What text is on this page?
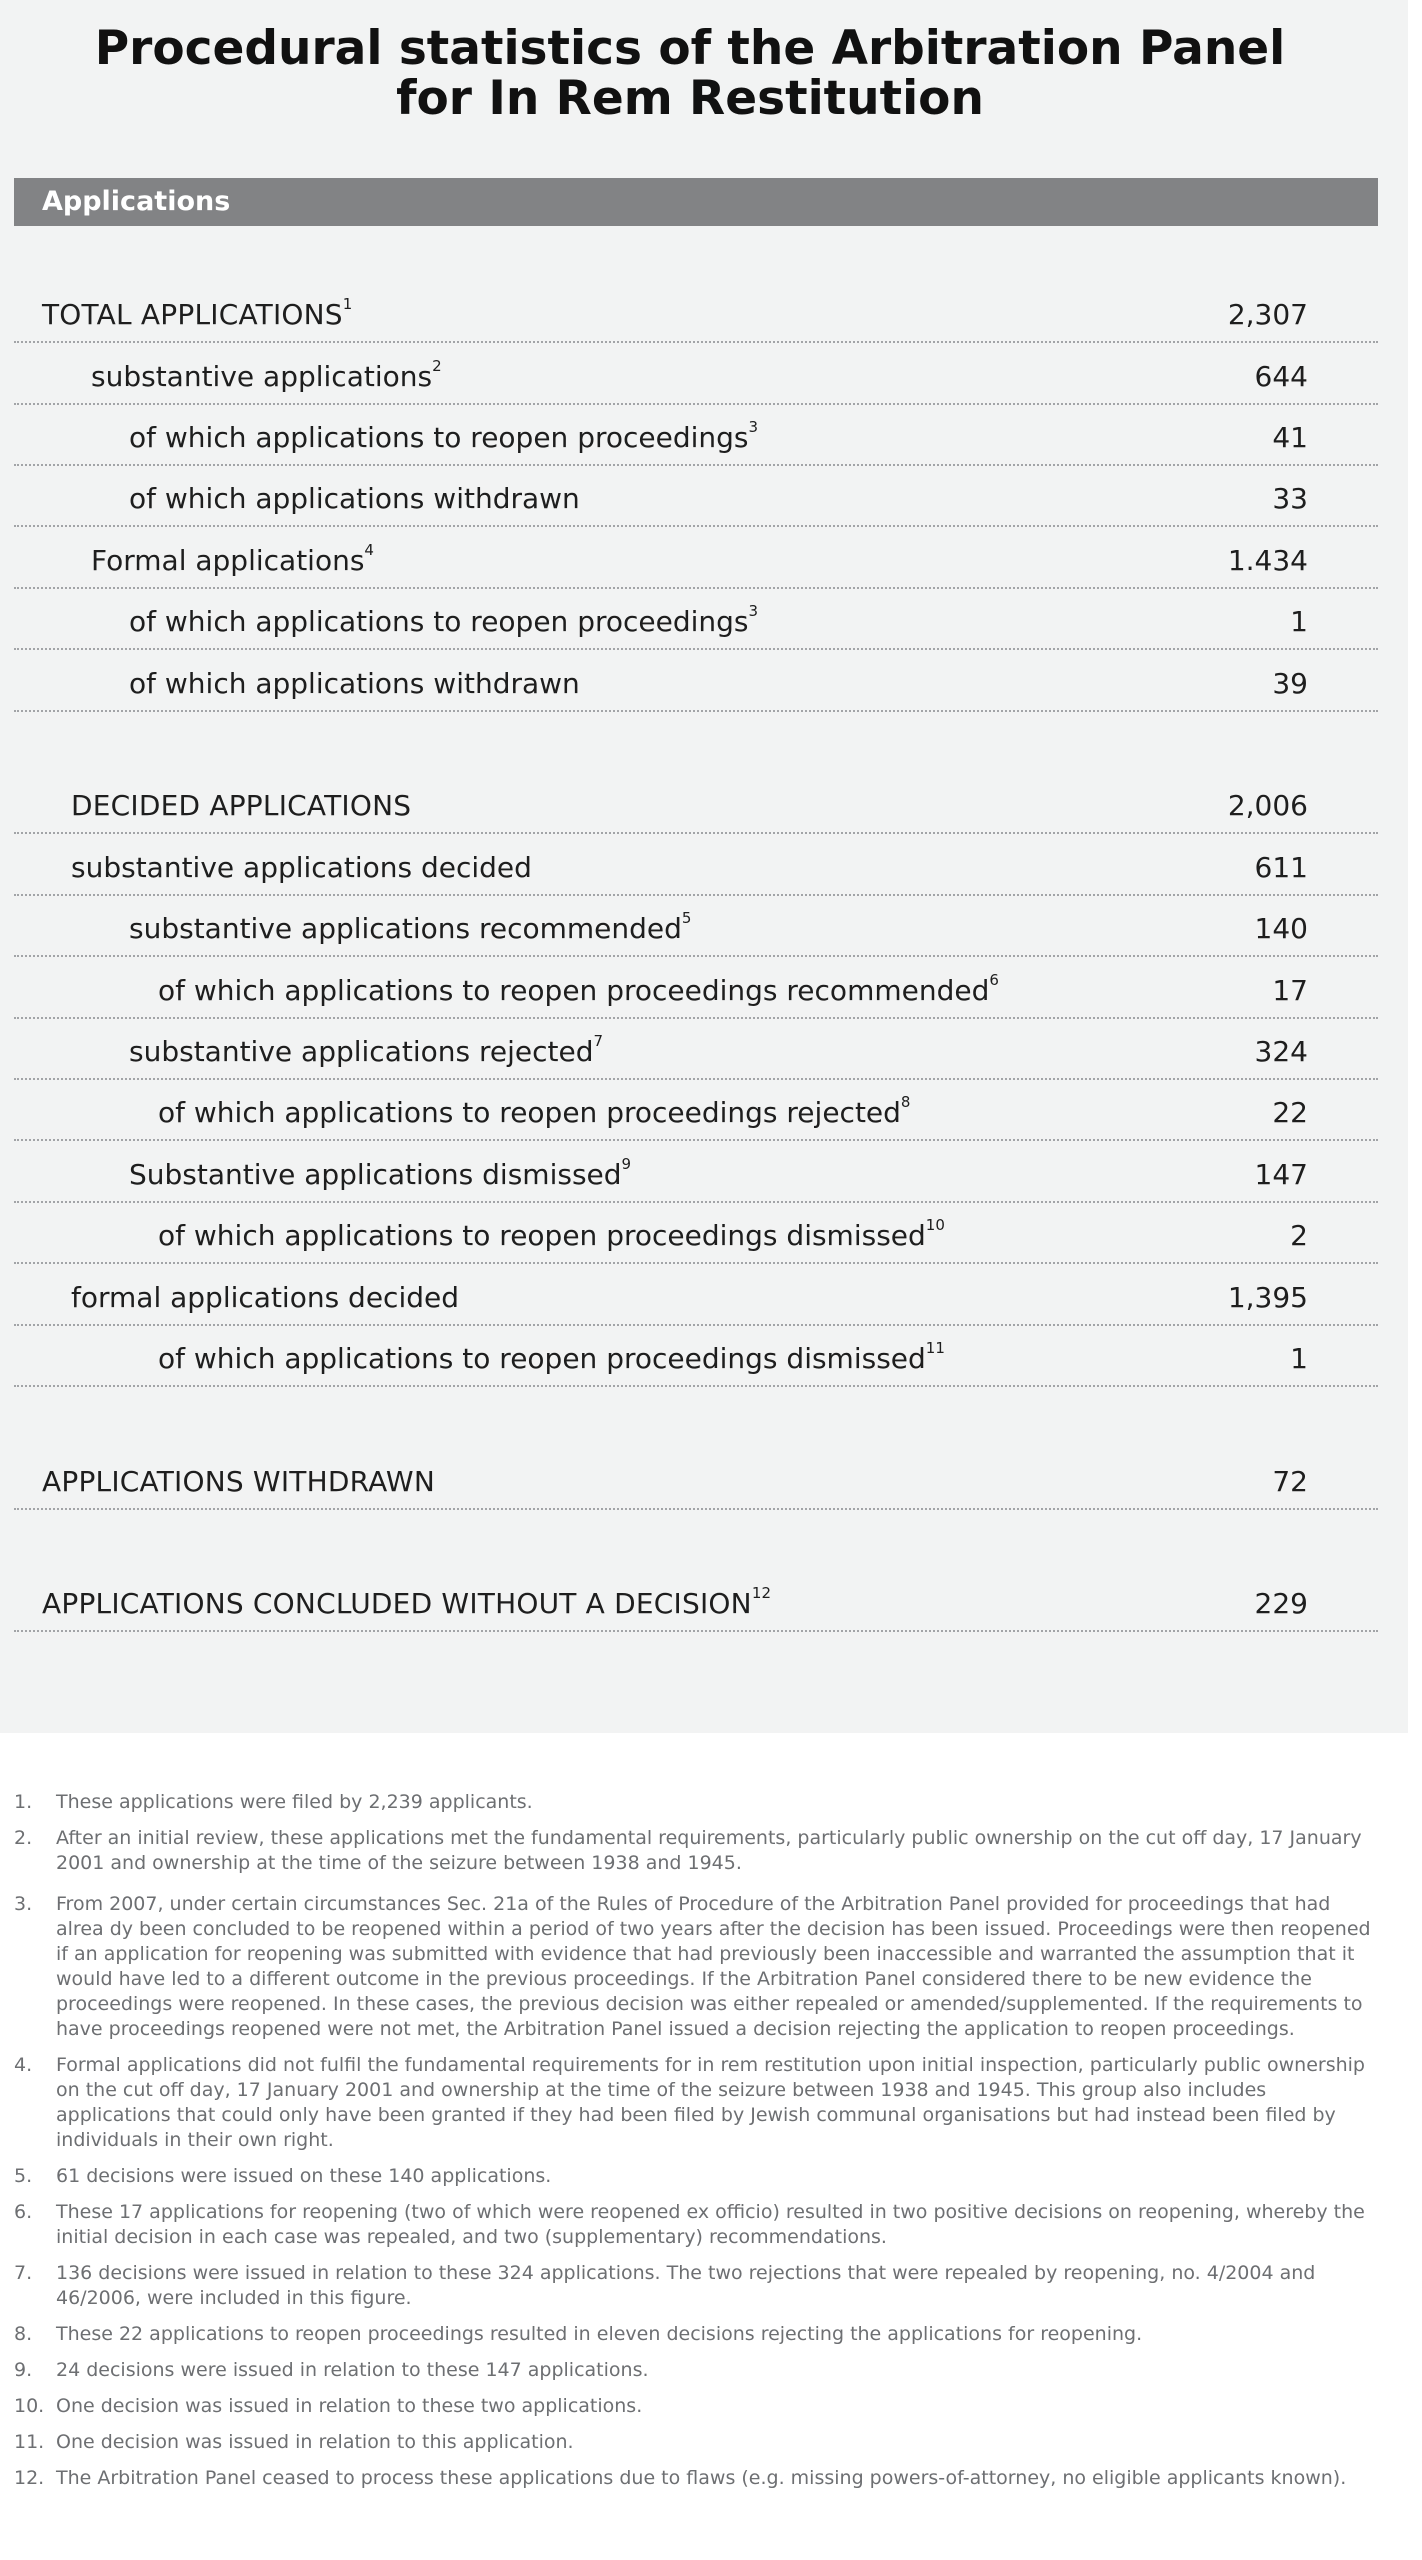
Procedural statistics of the Arbitration Panel
for In Rem Restitution
Applications
TOTAL APPLICATIONS$^1$	2,307
substantive applications$^2$	644
of which applications to reopen proceedings$^3$	41
of which applications withdrawn	33
Formal applications$^4$	1.434
of which applications to reopen proceedings$^3$	1
of which applications withdrawn	39
DECIDED APPLICATIONS	2,006
substantive applications decided	611
substantive applications recommended$^5$	140
of which applications to reopen proceedings recommended$^6$	17
substantive applications rejected$^7$	324
of which applications to reopen proceedings rejected$^8$	22
Substantive applications dismissed$^9$	147
of which applications to reopen proceedings dismissed$^{10}$	2
formal applications decided	1,395
of which applications to reopen proceedings dismissed$^{11}$	1
APPLICATIONS WITHDRAWN	72
APPLICATIONS CONCLUDED WITHOUT A DECISION$^{12}$	229
1. These applications were filed by 2,239 applicants.
2. After an initial review, these applications met the fundamental requirements, particularly public ownership on the cut off day, 17 January 2001 and ownership at the time of the seizure between 1938 and 1945.
3. From 2007, under certain circumstances Sec. 21a of the Rules of Procedure of the Arbitration Panel provided for proceedings that had alrea dy been concluded to be reopened within a period of two years after the decision has been issued. Proceedings were then reopened if an application for reopening was submitted with evidence that had previously been inaccessible and warranted the assumption that it would have led to a different outcome in the previous proceedings. If the Arbitration Panel considered there to be new evidence the proceedings were reopened. In these cases, the previous decision was either repealed or amended/supplemented. If the requirements to have proceedings reopened were not met, the Arbitration Panel issued a decision rejecting the application to reopen proceedings.
4. Formal applications did not fulfil the fundamental requirements for in rem restitution upon initial inspection, particularly public ownership on the cut off day, 17 January 2001 and ownership at the time of the seizure between 1938 and 1945. This group also includes applications that could only have been granted if they had been filed by Jewish communal organisations but had instead been filed by individuals in their own right.
5. 61 decisions were issued on these 140 applications.
6. These 17 applications for reopening (two of which were reopened ex officio) resulted in two positive decisions on reopening, whereby the initial decision in each case was repealed, and two (supplementary) recommendations.
7. 136 decisions were issued in relation to these 324 applications. The two rejections that were repealed by reopening, no. 4/2004 and 46/2006, were included in this figure.
8. These 22 applications to reopen proceedings resulted in eleven decisions rejecting the applications for reopening.
9. 24 decisions were issued in relation to these 147 applications.
10. One decision was issued in relation to these two applications.
11. One decision was issued in relation to this application.
12. The Arbitration Panel ceased to process these applications due to flaws (e.g. missing powers-of-attorney, no eligible applicants known).
